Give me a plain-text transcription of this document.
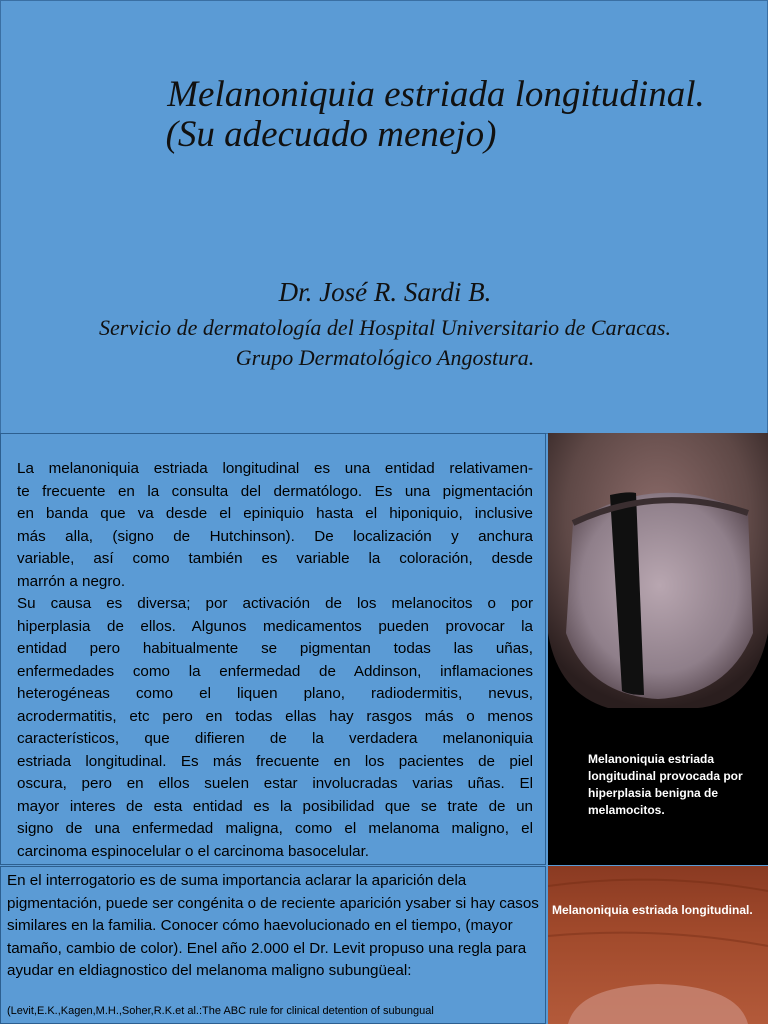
Melanoniquia estriada longitudinal.
(Su adecuado menejo)
Dr. José R. Sardi B.
Servicio de dermatología del Hospital Universitario de Caracas.
Grupo Dermatológico Angostura.

La melanoniquia estriada longitudinal es una entidad relativamen-
te frecuente en la consulta del dermatólogo. Es una pigmentación
en banda que va desde el epiniquio hasta el hiponiquio, inclusive
más alla, (signo de Hutchinson). De localización y anchura
variable, así como también es variable la coloración, desde
marrón a negro.
Su causa es diversa; por activación de los melanocitos o por
hiperplasia de ellos. Algunos medicamentos pueden provocar la
entidad pero habitualmente se pigmentan todas las uñas,
enfermedades como la enfermedad de Addinson, inflamaciones
heterogéneas como el liquen plano, radiodermitis, nevus,
acrodermatitis, etc pero en todas ellas hay rasgos más o menos
característicos, que difieren de la verdadera melanoniquia
estriada longitudinal. Es más frecuente en los pacientes de piel
oscura, pero en ellos suelen estar involucradas varias uñas. El
mayor interes de esta entidad es la posibilidad que se trate de un
signo de una enfermedad maligna, como el melanoma maligno, el
carcinoma espinocelular o el carcinoma basocelular.

En el interrogatorio es de suma importancia aclarar la aparición dela pigmentación, puede ser congénita o de reciente aparición ysaber si hay casos similares en la familia. Conocer cómo haevolucionado en el tiempo, (mayor tamaño, cambio de color). Enel año 2.000 el Dr. Levit propuso una regla para ayudar en eldiagnostico del melanoma maligno subungüeal:

(Levit,E.K.,Kagen,M.H.,Soher,R.K.et al.:The ABC rule for clinical detention of subungual
Melanoniquia estriada longitudinal provocada por hiperplasia benigna de melamocitos.
Melanoniquia estriada longitudinal.
